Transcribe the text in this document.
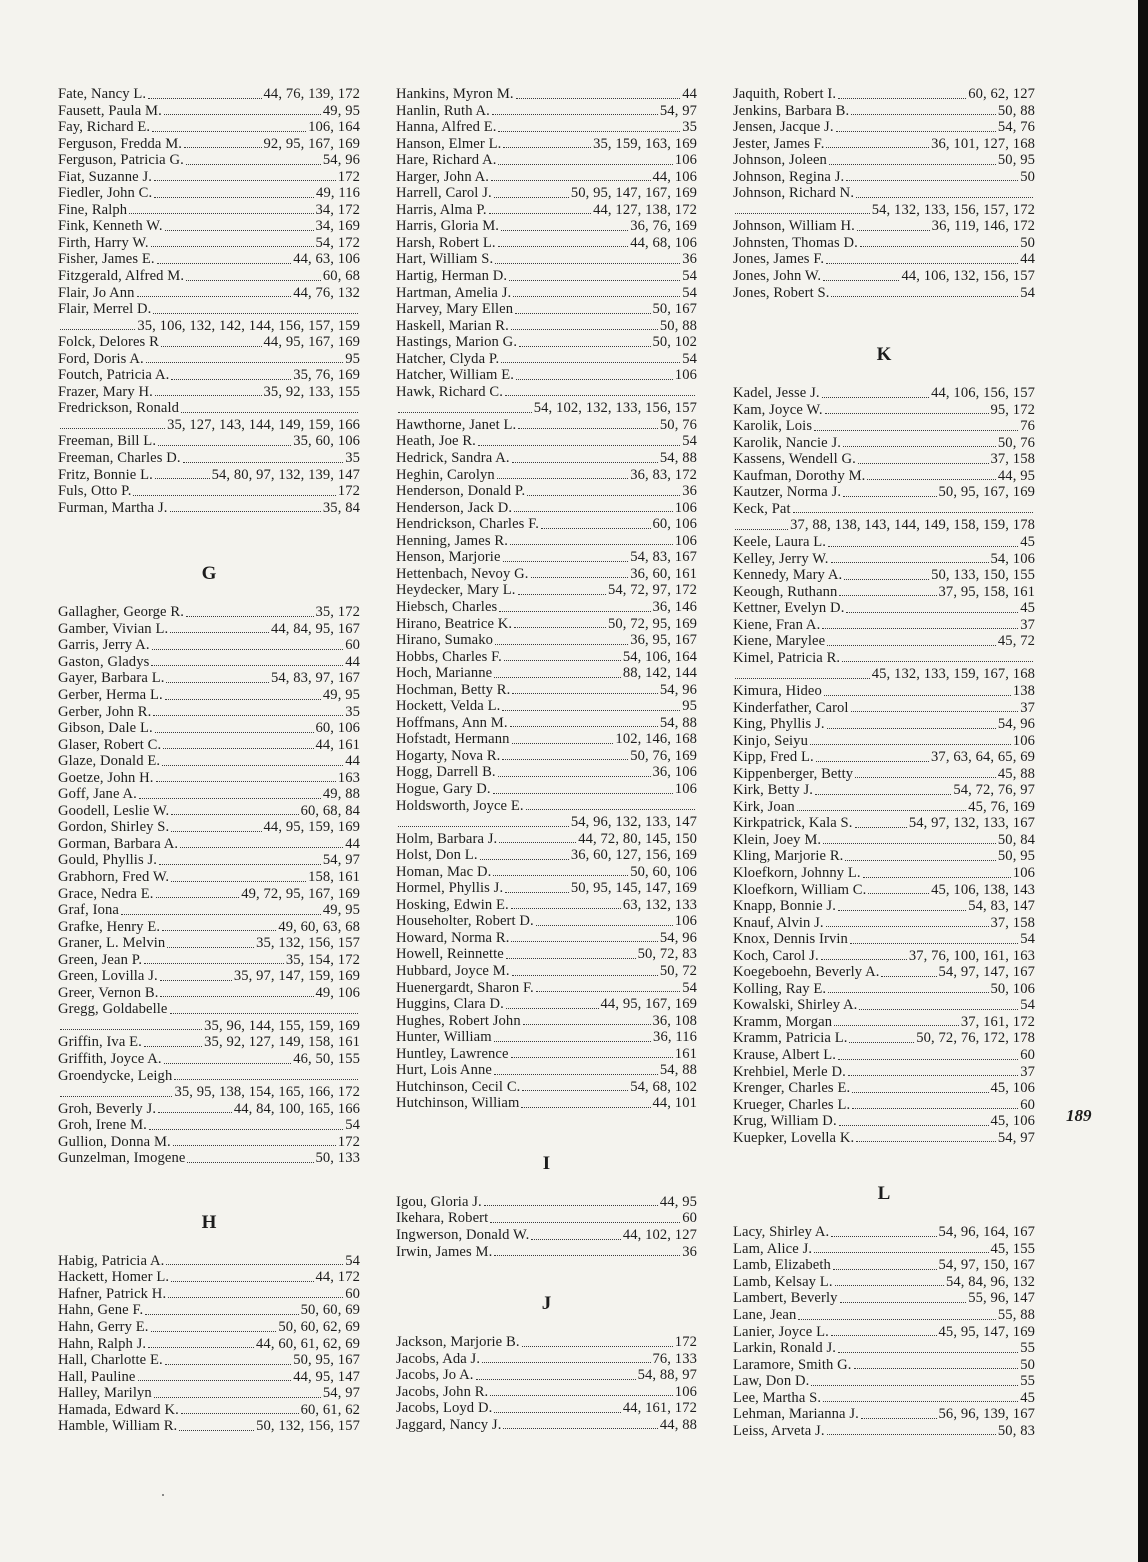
Fate, Nancy L.	44, 76, 139, 172
Fausett, Paula M.	49, 95
Fay, Richard E.	106, 164
Ferguson, Fredda M.	92, 95, 167, 169
Ferguson, Patricia G.	54, 96
Fiat, Suzanne J.	172
Fiedler, John C.	49, 116
Fine, Ralph	34, 172
Fink, Kenneth W.	34, 169
Firth, Harry W.	54, 172
Fisher, James E.	44, 63, 106
Fitzgerald, Alfred M.	60, 68
Flair, Jo Ann	44, 76, 132
Flair, Merrel D.
35, 106, 132, 142, 144, 156, 157, 159
Folck, Delores R	44, 95, 167, 169
Ford, Doris A.	95
Foutch, Patricia A.	35, 76, 169
Frazer, Mary H.	35, 92, 133, 155
Fredrickson, Ronald
35, 127, 143, 144, 149, 159, 166
Freeman, Bill L.	35, 60, 106
Freeman, Charles D.	35
Fritz, Bonnie L.	54, 80, 97, 132, 139, 147
Fuls, Otto P.	172
Furman, Martha J.	35, 84
G
Gallagher, George R.	35, 172
Gamber, Vivian L.	44, 84, 95, 167
Garris, Jerry A.	60
Gaston, Gladys	44
Gayer, Barbara L.	54, 83, 97, 167
Gerber, Herma L.	49, 95
Gerber, John R.	35
Gibson, Dale L.	60, 106
Glaser, Robert C.	44, 161
Glaze, Donald E.	44
Goetze, John H.	163
Goff, Jane A.	49, 88
Goodell, Leslie W.	60, 68, 84
Gordon, Shirley S.	44, 95, 159, 169
Gorman, Barbara A.	44
Gould, Phyllis J.	54, 97
Grabhorn, Fred W.	158, 161
Grace, Nedra E.	49, 72, 95, 167, 169
Graf, Iona	49, 95
Grafke, Henry E.	49, 60, 63, 68
Graner, L. Melvin	35, 132, 156, 157
Green, Jean P.	35, 154, 172
Green, Lovilla J.	35, 97, 147, 159, 169
Greer, Vernon B.	49, 106
Gregg, Goldabelle
35, 96, 144, 155, 159, 169
Griffin, Iva E.	35, 92, 127, 149, 158, 161
Griffith, Joyce A.	46, 50, 155
Groendycke, Leigh
35, 95, 138, 154, 165, 166, 172
Groh, Beverly J.	44, 84, 100, 165, 166
Groh, Irene M.	54
Gullion, Donna M.	172
Gunzelman, Imogene	50, 133
H
Habig, Patricia A.	54
Hackett, Homer L.	44, 172
Hafner, Patrick H.	60
Hahn, Gene F.	50, 60, 69
Hahn, Gerry E.	50, 60, 62, 69
Hahn, Ralph J.	44, 60, 61, 62, 69
Hall, Charlotte E.	50, 95, 167
Hall, Pauline	44, 95, 147
Halley, Marilyn	54, 97
Hamada, Edward K.	60, 61, 62
Hamble, William R.	50, 132, 156, 157
Hankins, Myron M.	44
Hanlin, Ruth A.	54, 97
Hanna, Alfred E.	35
Hanson, Elmer L.	35, 159, 163, 169
Hare, Richard A.	106
Harger, John A.	44, 106
Harrell, Carol J.	50, 95, 147, 167, 169
Harris, Alma P.	44, 127, 138, 172
Harris, Gloria M.	36, 76, 169
Harsh, Robert L.	44, 68, 106
Hart, William S.	36
Hartig, Herman D.	54
Hartman, Amelia J.	54
Harvey, Mary Ellen	50, 167
Haskell, Marian R.	50, 88
Hastings, Marion G.	50, 102
Hatcher, Clyda P.	54
Hatcher, William E.	106
Hawk, Richard C.
54, 102, 132, 133, 156, 157
Hawthorne, Janet L.	50, 76
Heath, Joe R.	54
Hedrick, Sandra A.	54, 88
Heghin, Carolyn	36, 83, 172
Henderson, Donald P.	36
Henderson, Jack D.	106
Hendrickson, Charles F.	60, 106
Henning, James R.	106
Henson, Marjorie	54, 83, 167
Hettenbach, Nevoy G.	36, 60, 161
Heydecker, Mary L.	54, 72, 97, 172
Hiebsch, Charles	36, 146
Hirano, Beatrice K.	50, 72, 95, 169
Hirano, Sumako	36, 95, 167
Hobbs, Charles F.	54, 106, 164
Hoch, Marianne	88, 142, 144
Hochman, Betty R.	54, 96
Hockett, Velda L.	95
Hoffmans, Ann M.	54, 88
Hofstadt, Hermann	102, 146, 168
Hogarty, Nova R.	50, 76, 169
Hogg, Darrell B.	36, 106
Hogue, Gary D.	106
Holdsworth, Joyce E.
54, 96, 132, 133, 147
Holm, Barbara J.	44, 72, 80, 145, 150
Holst, Don L.	36, 60, 127, 156, 169
Homan, Mac D.	50, 60, 106
Hormel, Phyllis J.	50, 95, 145, 147, 169
Hosking, Edwin E.	63, 132, 133
Householter, Robert D.	106
Howard, Norma R.	54, 96
Howell, Reinnette	50, 72, 83
Hubbard, Joyce M.	50, 72
Huenergardt, Sharon F.	54
Huggins, Clara D.	44, 95, 167, 169
Hughes, Robert John	36, 108
Hunter, William	36, 116
Huntley, Lawrence	161
Hurt, Lois Anne	54, 88
Hutchinson, Cecil C.	54, 68, 102
Hutchinson, William	44, 101
I
Igou, Gloria J.	44, 95
Ikehara, Robert	60
Ingwerson, Donald W.	44, 102, 127
Irwin, James M.	36
J
Jackson, Marjorie B.	172
Jacobs, Ada J.	76, 133
Jacobs, Jo A.	54, 88, 97
Jacobs, John R.	106
Jacobs, Loyd D.	44, 161, 172
Jaggard, Nancy J.	44, 88
Jaquith, Robert I.	60, 62, 127
Jenkins, Barbara B.	50, 88
Jensen, Jacque J.	54, 76
Jester, James F.	36, 101, 127, 168
Johnson, Joleen	50, 95
Johnson, Regina J.	50
Johnson, Richard N.
54, 132, 133, 156, 157, 172
Johnson, William H.	36, 119, 146, 172
Johnsten, Thomas D.	50
Jones, James F.	44
Jones, John W.	44, 106, 132, 156, 157
Jones, Robert S.	54
K
Kadel, Jesse J.	44, 106, 156, 157
Kam, Joyce W.	95, 172
Karolik, Lois	76
Karolik, Nancie J.	50, 76
Kassens, Wendell G.	37, 158
Kaufman, Dorothy M.	44, 95
Kautzer, Norma J.	50, 95, 167, 169
Keck, Pat
37, 88, 138, 143, 144, 149, 158, 159, 178
Keele, Laura L.	45
Kelley, Jerry W.	54, 106
Kennedy, Mary A.	50, 133, 150, 155
Keough, Ruthann	37, 95, 158, 161
Kettner, Evelyn D.	45
Kiene, Fran A.	37
Kiene, Marylee	45, 72
Kimel, Patricia R.
45, 132, 133, 159, 167, 168
Kimura, Hideo	138
Kinderfather, Carol	37
King, Phyllis J.	54, 96
Kinjo, Seiyu	106
Kipp, Fred L.	37, 63, 64, 65, 69
Kippenberger, Betty	45, 88
Kirk, Betty J.	54, 72, 76, 97
Kirk, Joan	45, 76, 169
Kirkpatrick, Kala S.	54, 97, 132, 133, 167
Klein, Joey M.	50, 84
Kling, Marjorie R.	50, 95
Kloefkorn, Johnny L.	106
Kloefkorn, William C.	45, 106, 138, 143
Knapp, Bonnie J.	54, 83, 147
Knauf, Alvin J.	37, 158
Knox, Dennis Irvin	54
Koch, Carol J.	37, 76, 100, 161, 163
Koegeboehn, Beverly A.	54, 97, 147, 167
Kolling, Ray E.	50, 106
Kowalski, Shirley A.	54
Kramm, Morgan	37, 161, 172
Kramm, Patricia L.	50, 72, 76, 172, 178
Krause, Albert L.	60
Krehbiel, Merle D.	37
Krenger, Charles E.	45, 106
Krueger, Charles L.	60
Krug, William D.	45, 106
Kuepker, Lovella K.	54, 97
L
Lacy, Shirley A.	54, 96, 164, 167
Lam, Alice J.	45, 155
Lamb, Elizabeth	54, 97, 150, 167
Lamb, Kelsay L.	54, 84, 96, 132
Lambert, Beverly	55, 96, 147
Lane, Jean	55, 88
Lanier, Joyce L.	45, 95, 147, 169
Larkin, Ronald J.	55
Laramore, Smith G.	50
Law, Don D.	55
Lee, Martha S.	45
Lehman, Marianna J.	56, 96, 139, 167
Leiss, Arveta J.	50, 83
189
